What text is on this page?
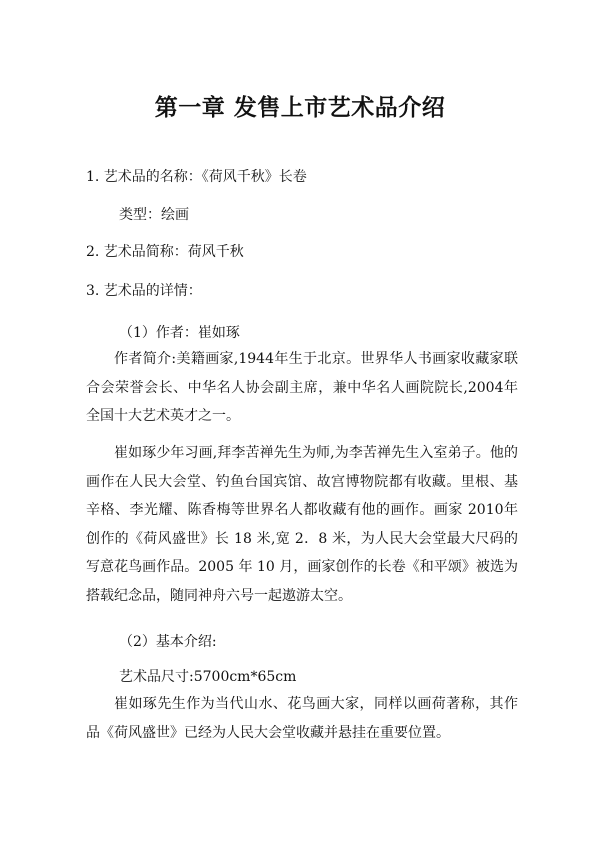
第一章 发售上市艺术品介绍
1. 艺术品的名称：《荷风千秋》长卷
类型：绘画
2. 艺术品简称：荷风千秋
3. 艺术品的详情：
（1）作者：崔如琢
作者简介:美籍画家,1944年生于北京。世界华人书画家收藏家联合会荣誉会长、中华名人协会副主席，兼中华名人画院院长,2004年全国十大艺术英才之一。
崔如琢少年习画,拜李苦禅先生为师,为李苦禅先生入室弟子。他的画作在人民大会堂、钓鱼台国宾馆、故宫博物院都有收藏。里根、基辛格、李光耀、陈香梅等世界名人都收藏有他的画作。画家 2010年创作的《荷风盛世》长 18 米,宽 2．8 米，为人民大会堂最大尺码的写意花鸟画作品。2005 年 10 月，画家创作的长卷《和平颂》被选为搭载纪念品，随同神舟六号一起遨游太空。
（2）基本介绍:
艺术品尺寸:5700cm*65cm
崔如琢先生作为当代山水、花鸟画大家，同样以画荷著称，其作品《荷风盛世》已经为人民大会堂收藏并悬挂在重要位置。
